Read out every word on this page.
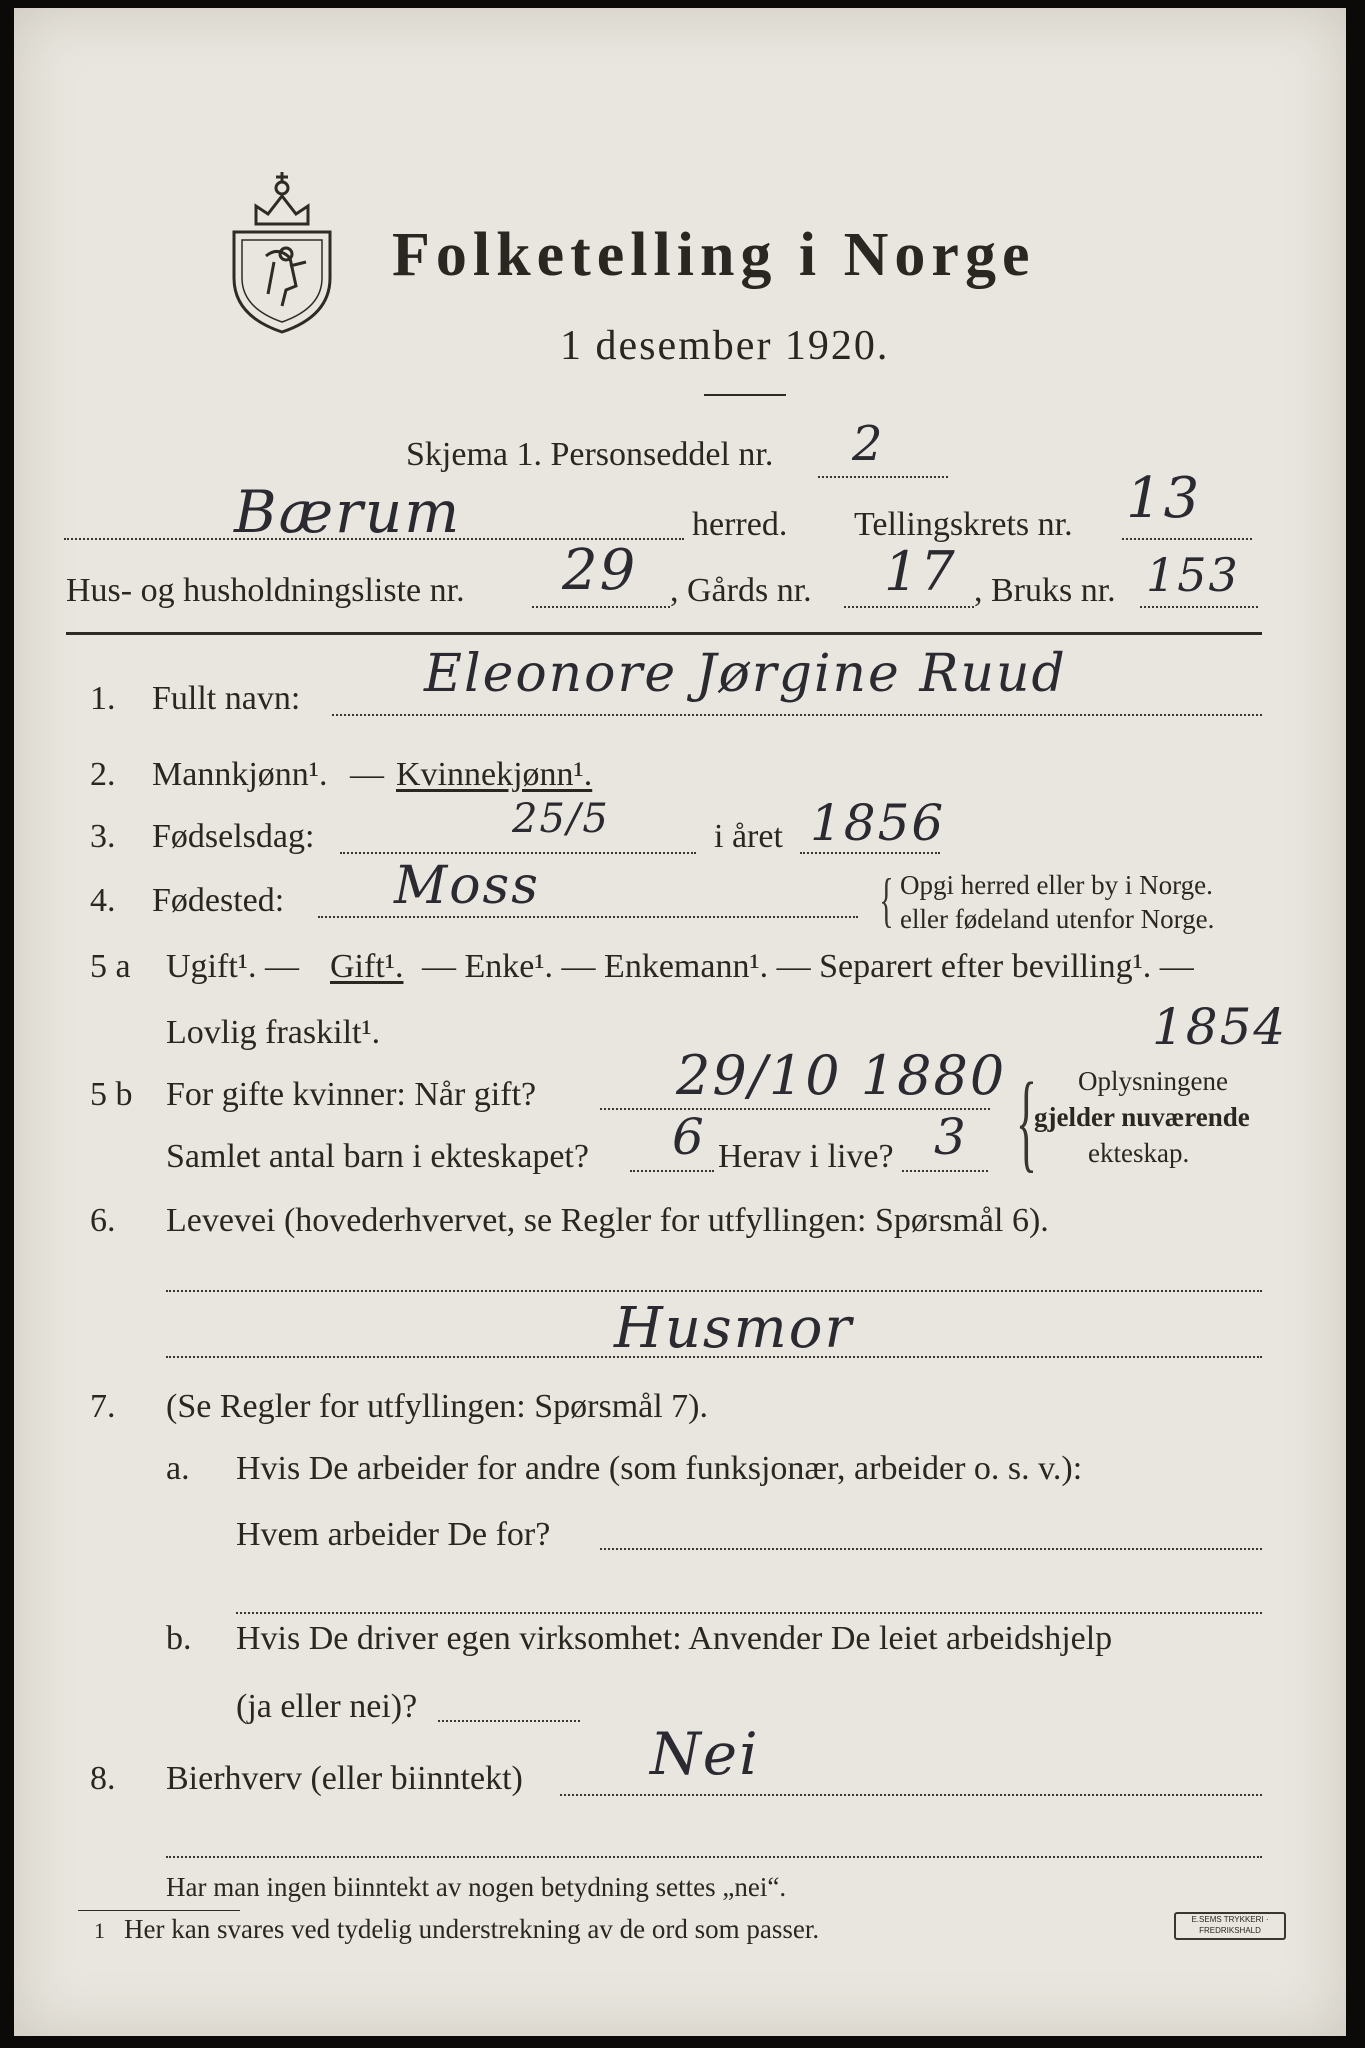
Folketelling i Norge
1 desember 1920.
Skjema 1. Personseddel nr. 2
Bærum	herred. Tellingskrets nr. 13
Hus- og husholdningsliste nr. 29 , Gårds nr. 17 , Bruks nr. 153
1. Fullt navn: Eleonore Jørgine Ruud
2. Mannkjønn¹. — Kvinnekjønn¹.
3. Fødselsdag:	25/5	i året 1856
4. Fødested: Moss	{ Opgi herred eller by i Norge.
eller fødeland utenfor Norge.
5 a Ugift¹. — Gift¹. — Enke¹. — Enkemann¹. — Separert efter bevilling¹. —
Lovlig fraskilt¹.	1854
5 b For gifte kvinner: Når gift?	29/10 1880
Samlet antal barn i ekteskapet? 6 Herav i live? 3 { Oplysningene
gjelder nuværende
ekteskap.
6. Levevei (hovederhvervet, se Regler for utfyllingen: Spørsmål 6).
Husmor
7. (Se Regler for utfyllingen: Spørsmål 7).
a. Hvis De arbeider for andre (som funksjonær, arbeider o. s. v.):
Hvem arbeider De for?
b. Hvis De driver egen virksomhet: Anvender De leiet arbeidshjelp
(ja eller nei)?
8. Bierhverv (eller biinntekt) Nei
Har man ingen biinntekt av nogen betydning settes „nei“.
1 Her kan svares ved tydelig understrekning av de ord som passer.	E.SEMS TRYKKERI · FREDRIKSHALD
